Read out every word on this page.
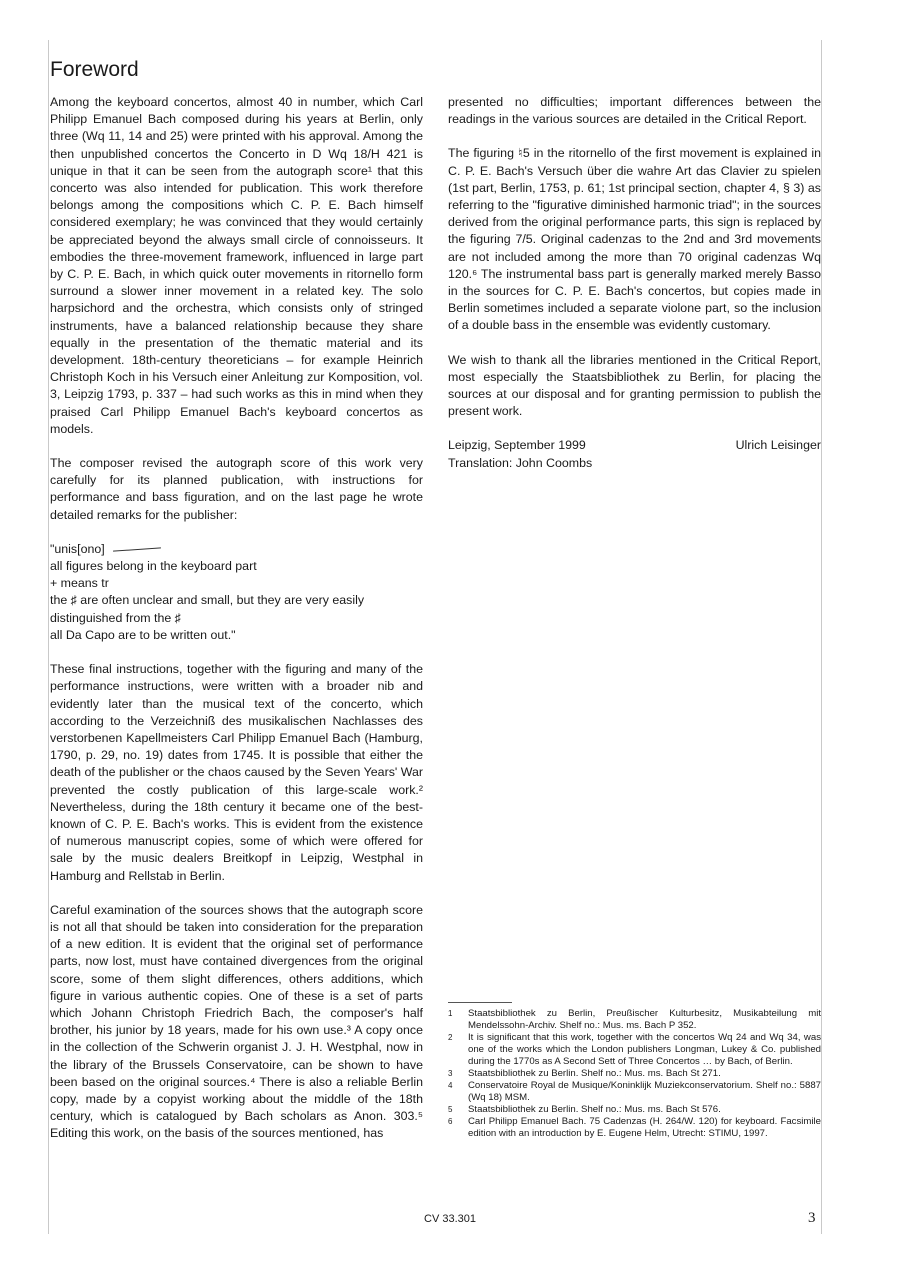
Foreword

Among the keyboard concertos, almost 40 in number, which Carl Philipp Emanuel Bach composed during his years at Berlin, only three (Wq 11, 14 and 25) were printed with his approval. Among the then unpublished concertos the Concerto in D Wq 18/H 421 is unique in that it can be seen from the autograph score¹ that this concerto was also intended for publication. This work therefore belongs among the compositions which C. P. E. Bach himself considered exemplary; he was convinced that they would certainly be appreciated beyond the always small circle of connoisseurs. It embodies the three-movement framework, influenced in large part by C. P. E. Bach, in which quick outer movements in ritornello form surround a slower inner movement in a related key. The solo harpsichord and the orchestra, which consists only of stringed instruments, have a balanced relationship because they share equally in the presentation of the thematic material and its development. 18th-century theoreticians – for example Heinrich Christoph Koch in his Versuch einer Anleitung zur Komposition, vol. 3, Leipzig 1793, p. 337 – had such works as this in mind when they praised Carl Philipp Emanuel Bach's keyboard concertos as models.

The composer revised the autograph score of this work very carefully for its planned publication, with instructions for performance and bass figuration, and on the last page he wrote detailed remarks for the publisher:

"unis[ono]
all figures belong in the keyboard part
+ means tr
the ♯ are often unclear and small, but they are very easily distinguished from the ♯
all Da Capo are to be written out."

These final instructions, together with the figuring and many of the performance instructions, were written with a broader nib and evidently later than the musical text of the concerto, which according to the Verzeichniß des musikalischen Nachlasses des verstorbenen Kapellmeisters Carl Philipp Emanuel Bach (Hamburg, 1790, p. 29, no. 19) dates from 1745. It is possible that either the death of the publisher or the chaos caused by the Seven Years' War prevented the costly publication of this large-scale work.² Nevertheless, during the 18th century it became one of the best-known of C. P. E. Bach's works. This is evident from the existence of numerous manuscript copies, some of which were offered for sale by the music dealers Breitkopf in Leipzig, Westphal in Hamburg and Rellstab in Berlin.

Careful examination of the sources shows that the autograph score is not all that should be taken into consideration for the preparation of a new edition. It is evident that the original set of performance parts, now lost, must have contained divergences from the original score, some of them slight differences, others additions, which figure in various authentic copies. One of these is a set of parts which Johann Christoph Friedrich Bach, the composer's half brother, his junior by 18 years, made for his own use.³ A copy once in the collection of the Schwerin organist J. J. H. Westphal, now in the library of the Brussels Conservatoire, can be shown to have been based on the original sources.⁴ There is also a reliable Berlin copy, made by a copyist working about the middle of the 18th century, which is catalogued by Bach scholars as Anon. 303.⁵ Editing this work, on the basis of the sources mentioned, has

presented no difficulties; important differences between the readings in the various sources are detailed in the Critical Report.

The figuring ♮5 in the ritornello of the first movement is explained in C. P. E. Bach's Versuch über die wahre Art das Clavier zu spielen (1st part, Berlin, 1753, p. 61; 1st principal section, chapter 4, § 3) as referring to the "figurative diminished harmonic triad"; in the sources derived from the original performance parts, this sign is replaced by the figuring 7/5. Original cadenzas to the 2nd and 3rd movements are not included among the more than 70 original cadenzas Wq 120.⁶ The instrumental bass part is generally marked merely Basso in the sources for C. P. E. Bach's concertos, but copies made in Berlin sometimes included a separate violone part, so the inclusion of a double bass in the ensemble was evidently customary.

We wish to thank all the libraries mentioned in the Critical Report, most especially the Staatsbibliothek zu Berlin, for placing the sources at our disposal and for granting permission to publish the present work.

Leipzig, September 1999	Ulrich Leisinger
Translation: John Coombs
1	Staatsbibliothek zu Berlin, Preußischer Kulturbesitz, Musikabteilung mit Mendelssohn-Archiv. Shelf no.: Mus. ms. Bach P 352.
2	It is significant that this work, together with the concertos Wq 24 and Wq 34, was one of the works which the London publishers Longman, Lukey & Co. published during the 1770s as A Second Sett of Three Concertos … by Bach, of Berlin.
3	Staatsbibliothek zu Berlin. Shelf no.: Mus. ms. Bach St 271.
4	Conservatoire Royal de Musique/Koninklijk Muziekconservatorium. Shelf no.: 5887 (Wq 18) MSM.
5	Staatsbibliothek zu Berlin. Shelf no.: Mus. ms. Bach St 576.
6	Carl Philipp Emanuel Bach. 75 Cadenzas (H. 264/W. 120) for keyboard. Facsimile edition with an introduction by E. Eugene Helm, Utrecht: STIMU, 1997.
CV 33.301	3
